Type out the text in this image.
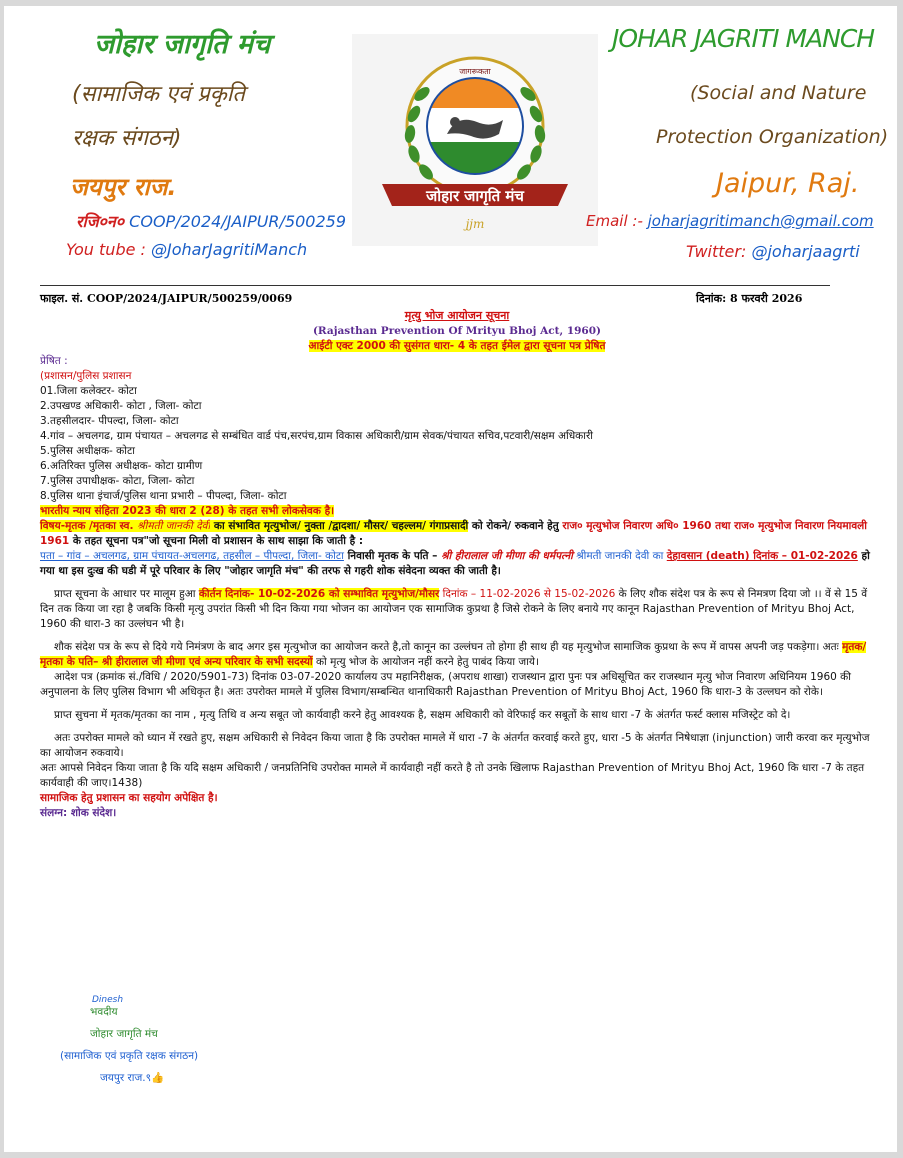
जोहार जागृति मंच
(सामाजिक एवं प्रकृति
रक्षक संगठन)
जयपुर राज.
रजि०न० COOP/2024/JAIPUR/500259
You tube : @JoharJagritiManch
जागरूकता
जोहार जागृति मंच
jjm
JOHAR JAGRITI MANCH
(Social and Nature
Protection Organization)
Jaipur, Raj.
Email :- joharjagritimanch@gmail.com
Twitter: @joharjaagrti
फाइल. सं. COOP/2024/JAIPUR/500259/0069	दिनांक: 8 फरवरी 2026
मृत्यु भोज आयोजन सूचना
(Rajasthan Prevention Of Mrityu Bhoj Act, 1960)
आईटी एक्ट 2000 की सुसंगत धारा- 4 के तहत ईमेल द्वारा सूचना पत्र प्रेषित
प्रेषित :
(प्रशासन/पुलिस प्रशासन
01.जिला कलेक्टर- कोटा
2.उपखण्ड अधिकारी- कोटा , जिला- कोटा
3.तहसीलदार- पीपल्दा, जिला- कोटा
4.गांव – अचलगढ, ग्राम पंचायत – अचलगढ से सम्बंधित वार्ड पंच,सरपंच,ग्राम विकास अधिकारी/ग्राम सेवक/पंचायत सचिव,पटवारी/सक्षम अधिकारी
5.पुलिस अधीक्षक- कोटा
6.अतिरिक्त पुलिस अधीक्षक- कोटा ग्रामीण
7.पुलिस उपाधीक्षक- कोटा, जिला- कोटा
8.पुलिस थाना इंचार्ज/पुलिस थाना प्रभारी – पीपल्दा, जिला- कोटा
भारतीय न्याय संहिता 2023 की धारा 2 (28) के तहत सभी लोकसेवक है।

विषय-मृतक /मृतका स्व. श्रीमती जानकी देवी का संभावित मृत्युभोज/ नुक्ता /द्वादशा/ मौसर/ चहल्लम/ गंगाप्रसादी को रोकने/ रुकवाने हेतु राज० मृत्युभोज निवारण अधि० 1960 तथा राज० मृत्युभोज निवारण नियमावली 1961 के तहत सूचना पत्र"जो सूचना मिली वो प्रशासन के साथ साझा कि जाती है :

पता – गांव – अचलगढ, ग्राम पंचायत-अचलगढ, तहसील – पीपल्दा, जिला- कोटा निवासी मृतक के पति – श्री हीरालाल जी मीणा की धर्मपत्नी श्रीमती जानकी देवी का देहावसान (death) दिनांक – 01-02-2026 हो गया था इस दुःख की घडी में पूरे परिवार के लिए "जोहार जागृति मंच" की तरफ से गहरी शोक संवेदना व्यक्त की जाती है।

प्राप्त सूचना के आधार पर मालूम हुआ कीर्तन दिनांक- 10-02-2026 को सम्भावित मृत्युभोज/मौसर दिनांक – 11-02-2026 से 15-02-2026 के लिए शौक संदेश पत्र के रूप से निमत्रण दिया जो ।। वें से 15 वें दिन तक किया जा रहा है जबकि किसी मृत्यु उपरांत किसी भी दिन किया गया भोजन का आयोजन एक सामाजिक कुप्रथा है जिसे रोकने के लिए बनाये गए कानून Rajasthan Prevention of Mrityu Bhoj Act, 1960 की धारा-3 का उल्लंघन भी है।

शौक संदेश पत्र के रूप से दिये गये निमंत्रण के बाद अगर इस मृत्युभोज का आयोजन करते है,तो कानून का उल्लंघन तो होगा ही साथ ही यह मृत्युभोज सामाजिक कुप्रथा के रूप में वापस अपनी जड़ पकड़ेगा। अतः मृतक/मृतका के पति– श्री हीरालाल जी मीणा एवं अन्य परिवार के सभी सदस्यों को मृत्यु भोज के आयोजन नहीं करने हेतु पाबंद किया जाये।

आदेश पत्र (क्रमांक सं./विधि / 2020/5901-73) दिनांक 03-07-2020 कार्यालय उप महानिरीक्षक, (अपराध शाखा) राजस्थान द्वारा पुनः पत्र अधिसूचित कर राजस्थान मृत्यु भोज निवारण अधिनियम 1960 की अनुपालना के लिए पुलिस विभाग भी अधिकृत है। अतः उपरोक्त मामले में पुलिस विभाग/सम्बन्धित थानाधिकारी Rajasthan Prevention of Mrityu Bhoj Act, 1960 कि धारा-3 के उल्लघन को रोके।

प्राप्त सुचना में मृतक/मृतका का नाम , मृत्यु तिथि व अन्य सबूत जो कार्यवाही करने हेतु आवश्यक है, सक्षम अधिकारी को वेरिफाई कर सबूतों के साथ धारा -7 के अंतर्गत फर्स्ट क्लास मजिस्ट्रेट को दे।

अतः उपरोक्त मामले को ध्यान में रखते हुए, सक्षम अधिकारी से निवेदन किया जाता है कि उपरोक्त मामले में धारा -7 के अंतर्गत करवाई करते हुए, धारा -5 के अंतर्गत निषेधाज्ञा (injunction) जारी करवा कर मृत्युभोज का आयोजन रुकवाये।

अतः आपसे निवेदन किया जाता है कि यदि सक्षम अधिकारी / जनप्रतिनिधि उपरोक्त मामले में कार्यवाही नहीं करते है तो उनके खिलाफ Rajasthan Prevention of Mrityu Bhoj Act, 1960 कि धारा -7 के तहत कार्यवाही की जाए।1438)

सामाजिक हेतु प्रशासन का सहयोग अपेक्षित है।

संलग्न: शोक संदेश।

Dinesh
भवदीय
जोहार जागृति मंच
(सामाजिक एवं प्रकृति रक्षक संगठन)
जयपुर राज.९👍
